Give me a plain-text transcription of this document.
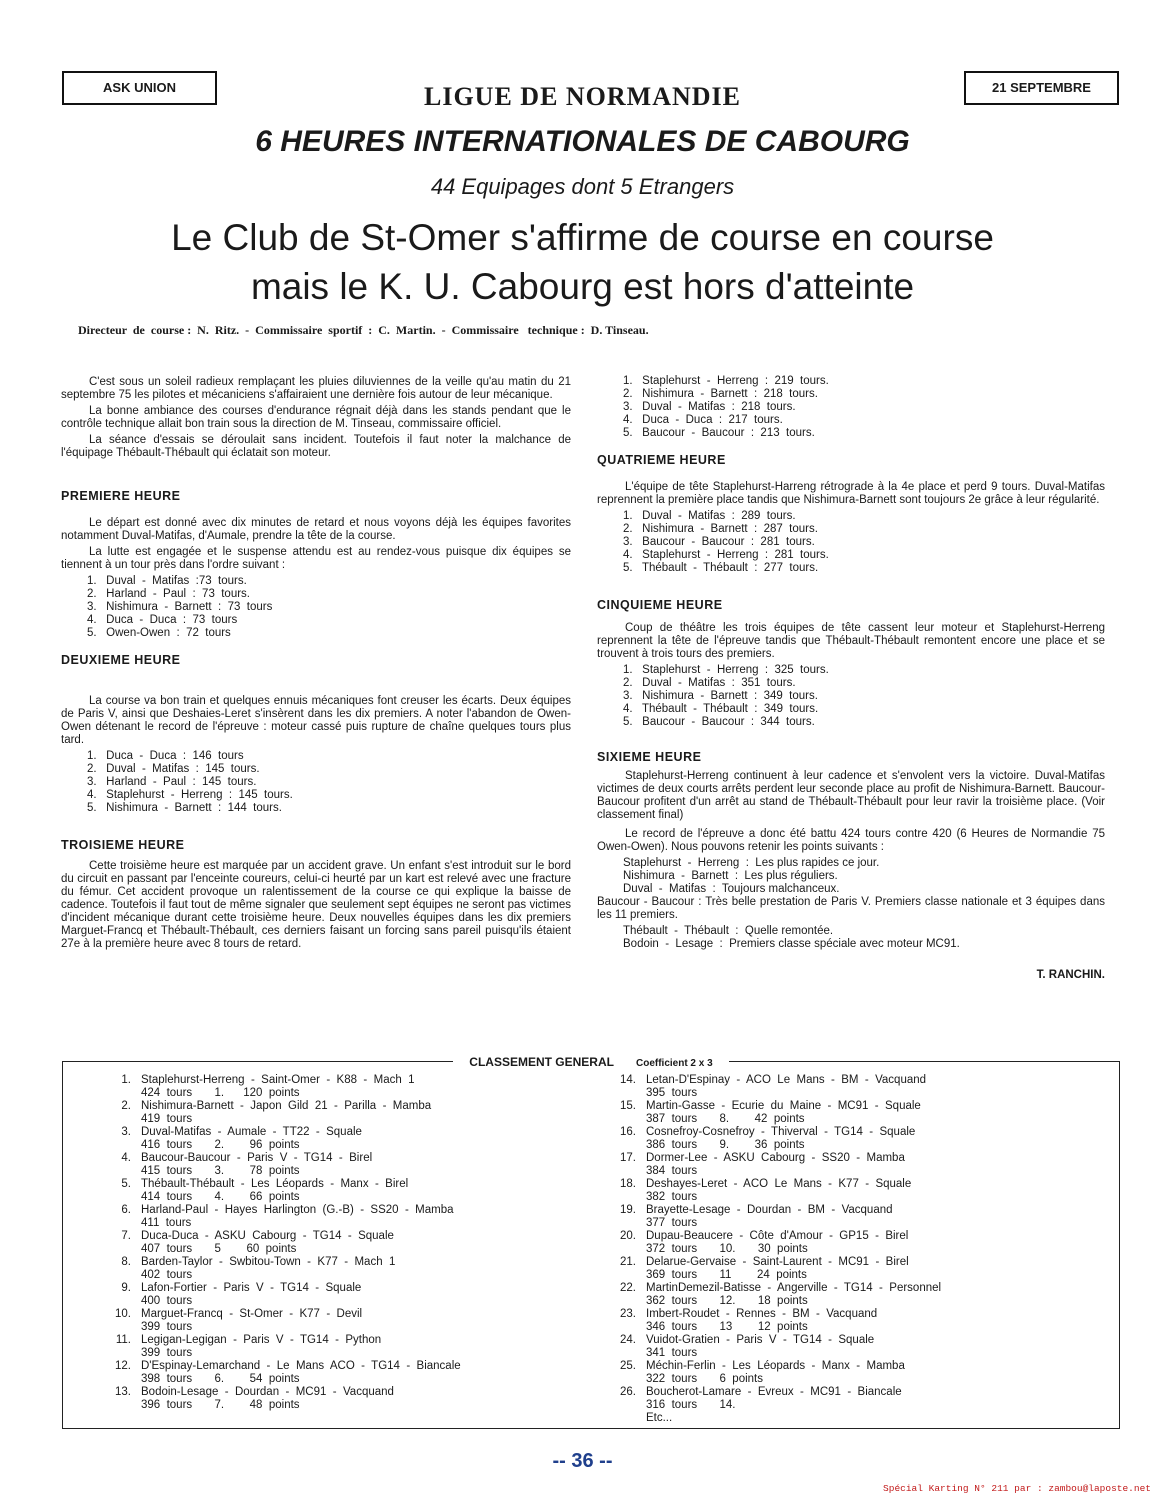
ASK UNION	21 SEPTEMBRE
LIGUE DE NORMANDIE
6 HEURES INTERNATIONALES DE CABOURG
44 Equipages dont 5 Etrangers
Le Club de St-Omer s'affirme de course en course
mais le K. U. Cabourg est hors d'atteinte
Directeur  de  course :  N.  Ritz.  -  Commissaire  sportif  :  C.  Martin.  -  Commissaire   technique :  D. Tinseau.

C'est sous un soleil radieux remplaçant les pluies diluviennes de la veille qu'au matin du 21 septembre 75 les pilotes et mécaniciens s'affairaient une dernière fois autour de leur mécanique.

La bonne ambiance des courses d'endurance régnait déjà dans les stands pendant que le contrôle technique allait bon train sous la direction de M. Tinseau, commissaire officiel.

La séance d'essais se déroulait sans incident. Toutefois il faut noter la malchance de l'équipage Thébault-Thébault qui éclatait son moteur.

PREMIERE HEURE

Le départ est donné avec dix minutes de retard et nous voyons déjà les équipes favorites notamment Duval-Matifas, d'Aumale, prendre la tête de la course.

La lutte est engagée et le suspense attendu est au rendez-vous puisque dix équipes se tiennent à un tour près dans l'ordre suivant :

1.   Duval  -  Matifas  :73  tours.
2.   Harland  -  Paul  :  73  tours.
3.   Nishimura  -  Barnett  :  73  tours
4.   Duca  -  Duca  :  73  tours
5.   Owen-Owen  :  72  tours
DEUXIEME HEURE

La course va bon train et quelques ennuis mécaniques font creuser les écarts. Deux équipes de Paris V, ainsi que Deshaies-Leret s'insèrent dans les dix premiers. A noter l'abandon de Owen-Owen détenant le record de l'épreuve : moteur cassé puis rupture de chaîne quelques tours plus tard.

1.   Duca  -  Duca  :  146  tours
2.   Duval  -  Matifas  :  145  tours.
3.   Harland  -  Paul  :  145  tours.
4.   Staplehurst  -  Herreng  :  145  tours.
5.   Nishimura  -  Barnett  :  144  tours.
TROISIEME HEURE

Cette troisième heure est marquée par un accident grave. Un enfant s'est introduit sur le bord du circuit en passant par l'enceinte coureurs, celui-ci heurté par un kart est relevé avec une fracture du fémur. Cet accident provoque un ralentissement de la course ce qui explique la baisse de cadence. Toutefois il faut tout de même signaler que seulement sept équipes ne seront pas victimes d'incident mécanique durant cette troisième heure. Deux nouvelles équipes dans les dix premiers Marguet-Francq et Thébault-Thébault, ces derniers faisant un forcing sans pareil puisqu'ils étaient 27e à la première heure avec 8 tours de retard.

1.   Staplehurst  -  Herreng  :  219  tours.
2.   Nishimura  -  Barnett  :  218  tours.
3.   Duval  -  Matifas  :  218  tours.
4.   Duca  -  Duca  :  217  tours.
5.   Baucour  -  Baucour  :  213  tours.
QUATRIEME HEURE

L'équipe de tête Staplehurst-Harreng rétrograde à la 4e place et perd 9 tours. Duval-Matifas reprennent la première place tandis que Nishimura-Barnett sont toujours 2e grâce à leur régularité.

1.   Duval  -  Matifas  :  289  tours.
2.   Nishimura  -  Barnett  :  287  tours.
3.   Baucour  -  Baucour  :  281  tours.
4.   Staplehurst  -  Herreng  :  281  tours.
5.   Thébault  -  Thébault  :  277  tours.
CINQUIEME HEURE

Coup de théâtre les trois équipes de tête cassent leur moteur et Staplehurst-Herreng reprennent la tête de l'épreuve tandis que Thébault-Thébault remontent encore une place et se trouvent à trois tours des premiers.

1.   Staplehurst  -  Herreng  :  325  tours.
2.   Duval  -  Matifas  :  351  tours.
3.   Nishimura  -  Barnett  :  349  tours.
4.   Thébault  -  Thébault  :  349  tours.
5.   Baucour  -  Baucour  :  344  tours.
SIXIEME HEURE

Staplehurst-Herreng continuent à leur cadence et s'envolent vers la victoire. Duval-Matifas victimes de deux courts arrêts perdent leur seconde place au profit de Nishimura-Barnett. Baucour-Baucour profitent d'un arrêt au stand de Thébault-Thébault pour leur ravir la troisième place. (Voir classement final)

Le record de l'épreuve a donc été battu 424 tours contre 420 (6 Heures de Normandie 75 Owen-Owen). Nous pouvons retenir les points suivants :

Staplehurst  -  Herreng  :  Les plus rapides ce jour.
Nishimura  -  Barnett  :  Les plus réguliers.
Duval  -  Matifas  :  Toujours malchanceux.

Baucour - Baucour : Très belle prestation de Paris V. Premiers classe nationale et 3 équipes dans les 11 premiers.

Thébault  -  Thébault  :  Quelle remontée.
Bodoin  -  Lesage  :  Premiers classe spéciale avec moteur MC91.
T. RANCHIN.
CLASSEMENT GENERAL Coefficient 2 x 3
1. Staplehurst-Herreng  -  Saint-Omer  -  K88  -  Mach  1
424  tours       1.      120  points
2. Nishimura-Barnett  -  Japon  Gild  21  -  Parilla  -  Mamba
419  tours
3. Duval-Matifas  -  Aumale  -  TT22  -  Squale
416  tours       2.        96  points
4. Baucour-Baucour  -  Paris  V  -  TG14  -  Birel
415  tours       3.        78  points
5. Thébault-Thébault  -  Les  Léopards  -  Manx  -  Birel
414  tours       4.        66  points
6. Harland-Paul  -  Hayes  Harlington  (G.-B)  -  SS20  -  Mamba
411  tours
7. Duca-Duca  -  ASKU  Cabourg  -  TG14  -  Squale
407  tours       5        60  points
8. Barden-Taylor  -  Swbitou-Town  -  K77  -  Mach  1
402  tours
9. Lafon-Fortier  -  Paris  V  -  TG14  -  Squale
400  tours
10. Marguet-Francq  -  St-Omer  -  K77  -  Devil
399  tours
11. Legigan-Legigan  -  Paris  V  -  TG14  -  Python
399  tours
12. D'Espinay-Lemarchand  -  Le  Mans  ACO  -  TG14  -  Biancale
398  tours       6.        54  points
13. Bodoin-Lesage  -  Dourdan  -  MC91  -  Vacquand
396  tours       7.        48  points
14. Letan-D'Espinay  -  ACO  Le  Mans  -  BM  -  Vacquand
395  tours
15. Martin-Gasse  -  Ecurie  du  Maine  -  MC91  -  Squale
387  tours       8.        42  points
16. Cosnefroy-Cosnefroy  -  Thiverval  -  TG14  -  Squale
386  tours       9.        36  points
17. Dormer-Lee  -  ASKU  Cabourg  -  SS20  -  Mamba
384  tours
18. Deshayes-Leret  -  ACO  Le  Mans  -  K77  -  Squale
382  tours
19. Brayette-Lesage  -  Dourdan  -  BM  -  Vacquand
377  tours
20. Dupau-Beaucere  -  Côte  d'Amour  -  GP15  -  Birel
372  tours       10.       30  points
21. Delarue-Gervaise  -  Saint-Laurent  -  MC91  -  Birel
369  tours       11        24  points
22. MartinDemezil-Batisse  -  Angerville  -  TG14  -  Personnel
362  tours       12.       18  points
23. Imbert-Roudet  -  Rennes  -  BM  -  Vacquand
346  tours       13        12  points
24. Vuidot-Gratien  -  Paris  V  -  TG14  -  Squale
341  tours
25. Méchin-Ferlin  -  Les  Léopards  -  Manx  -  Mamba
322  tours       6  points
26. Boucherot-Lamare  -  Evreux  -  MC91  -  Biancale
316  tours       14.
Etc...
-- 36 --
Spécial Karting N° 211 par : zambou@laposte.net
